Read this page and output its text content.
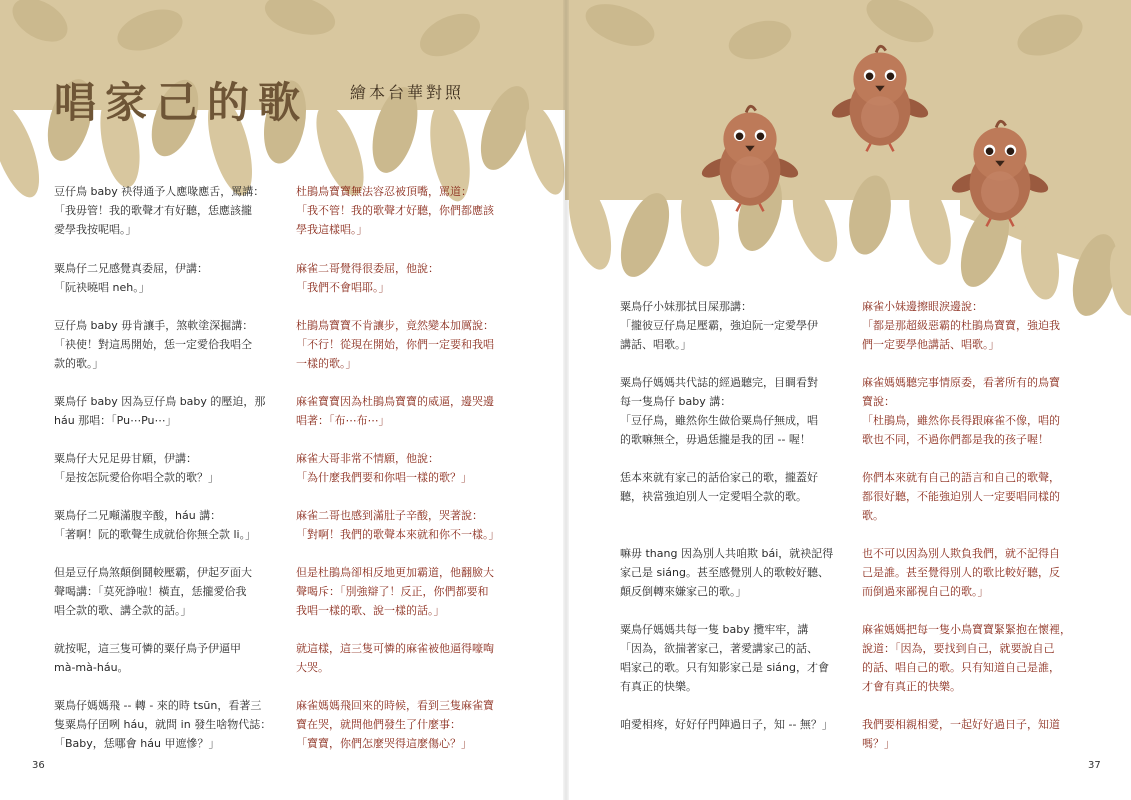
唱家己的歌	繪本台華對照
豆仔鳥 baby 袂得通予人應喙應舌，罵講：
「我毋管！我的歌聲才有好聽，恁應該攏
愛學我按呢唱。」
粟鳥仔二兄感覺真委屈，伊講：
「阮袂曉唱 neh。」
豆仔鳥 baby 毋肯讓手，煞軟塗深掘講：
「袂使！對這馬開始，恁一定愛佮我唱仝
款的歌。」
粟鳥仔 baby 因為豆仔鳥 baby 的壓迫，那
háu 那唱：「Pu⋯Pu⋯」
粟鳥仔大兄足毋甘願，伊講：
「是按怎阮愛佮你唱仝款的歌？」
粟鳥仔二兄噸滿腹辛酸，háu 講：
「著啊！阮的歌聲生成就佮你無仝款 li。」
但是豆仔鳥煞顛倒鬪較壓霸，伊起歹面大
聲喝講：「莫死諍啦！橫直，恁攏愛佮我
唱仝款的歌、講仝款的話。」
就按呢，這三隻可憐的粟仔鳥予伊逼甲
mà-mà-háu。
粟鳥仔媽媽飛 -- 轉 - 來的時 tsūn，看著三
隻粟鳥仔囝咧 háu，就問 in 發生啥物代誌：
「Baby，恁哪會 háu 甲遮慘？」
杜鵑鳥寶寶無法容忍被頂嘴，罵道：
「我不管！我的歌聲才好聽，你們都應該
學我這樣唱。」
麻雀二哥覺得很委屈，他說：
「我們不會唱耶。」
杜鵑鳥寶寶不肯讓步，竟然變本加厲說：
「不行！從現在開始，你們一定要和我唱
一樣的歌。」
麻雀寶寶因為杜鵑鳥寶寶的威逼，邊哭邊
唱著：「布⋯布⋯」
麻雀大哥非常不情願，他說：
「為什麼我們要和你唱一樣的歌？」
麻雀二哥也感到滿肚子辛酸，哭著說：
「對啊！我們的歌聲本來就和你不一樣。」
但是杜鵑鳥卻相反地更加霸道，他翻臉大
聲喝斥：「別強辯了！反正，你們都要和
我唱一樣的歌、說一樣的話。」
就這樣，這三隻可憐的麻雀被他逼得嚎啕
大哭。
麻雀媽媽飛回來的時候，看到三隻麻雀寶
寶在哭，就問他們發生了什麼事：
「寶寶，你們怎麼哭得這麼傷心？」
粟鳥仔小妹那拭目屎那講：
「攏彼豆仔鳥足壓霸，強迫阮一定愛學伊
講話、唱歌。」
粟鳥仔媽媽共代誌的經過聽完，目睭看對
每一隻鳥仔 baby 講：
「豆仔鳥，雖然你生做佮粟鳥仔無成，唱
的歌嘛無仝，毋過恁攏是我的囝 -- 喔！
恁本來就有家己的話佮家己的歌，攏蓋好
聽，袂當強迫別人一定愛唱仝款的歌。
嘛毋 thang 因為別人共咱欺 bái，就袂記得
家己是 siáng。甚至感覺別人的歌較好聽、
顛反倒轉來嫌家己的歌。」
粟鳥仔媽媽共每一隻 baby 攬牢牢，講
「因為，欲揣著家己，著愛講家己的話、
唱家己的歌。只有知影家己是 siáng，才會
有真正的快樂。
咱愛相疼，好好仔門陣過日子，知 -- 無？」
麻雀小妹邊擦眼淚邊說：
「都是那超級惡霸的杜鵑鳥寶寶，強迫我
們一定要學他講話、唱歌。」
麻雀媽媽聽完事情原委，看著所有的鳥寶
寶說：
「杜鵑鳥，雖然你長得跟麻雀不像，唱的
歌也不同，不過你們都是我的孩子喔！
你們本來就有自己的語言和自己的歌聲，
都很好聽，不能強迫別人一定要唱同樣的
歌。
也不可以因為別人欺負我們，就不記得自
己是誰。甚至覺得別人的歌比較好聽，反
而倒過來鄙視自己的歌。」
麻雀媽媽把每一隻小鳥寶寶緊緊抱在懷裡，
說道：「因為，要找到自己，就要說自己
的話、唱自己的歌。只有知道自己是誰，
才會有真正的快樂。
我們要相親相愛，一起好好過日子，知道
嗎？」
36	37
